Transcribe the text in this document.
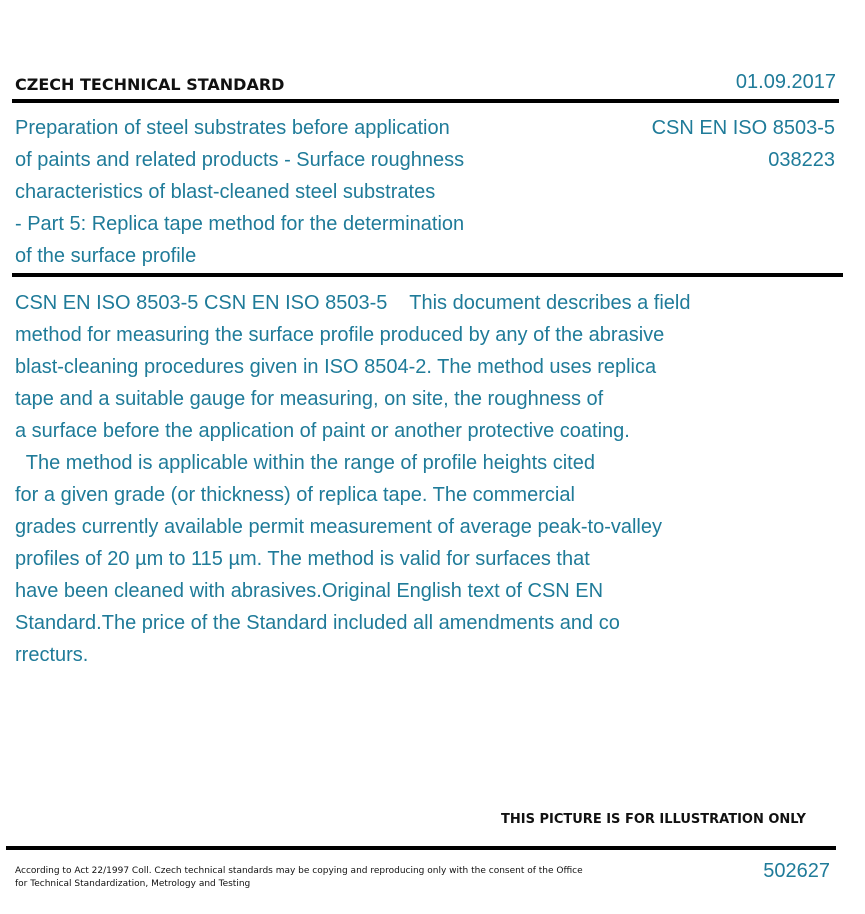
CZECH TECHNICAL STANDARD	01.09.2017
Preparation of steel substrates before application
of paints and related products - Surface roughness
characteristics of blast-cleaned steel substrates
- Part 5: Replica tape method for the determination
of the surface profile
CSN EN ISO 8503-5
038223
CSN EN ISO 8503-5 CSN EN ISO 8503-5    This document describes a field
method for measuring the surface profile produced by any of the abrasive
blast-cleaning procedures given in ISO 8504-2. The method uses replica
tape and a suitable gauge for measuring, on site, the roughness of
a surface before the application of paint or another protective coating.
The method is applicable within the range of profile heights cited
for a given grade (or thickness) of replica tape. The commercial
grades currently available permit measurement of average peak-to-valley
profiles of 20 µm to 115 µm. The method is valid for surfaces that
have been cleaned with abrasives.Original English text of CSN EN
Standard.The price of the Standard included all amendments and co
rrecturs.
THIS PICTURE IS FOR ILLUSTRATION ONLY
According to Act 22/1997 Coll. Czech technical standards may be copying and reproducing only with the consent of the Office
for Technical Standardization, Metrology and Testing
502627
